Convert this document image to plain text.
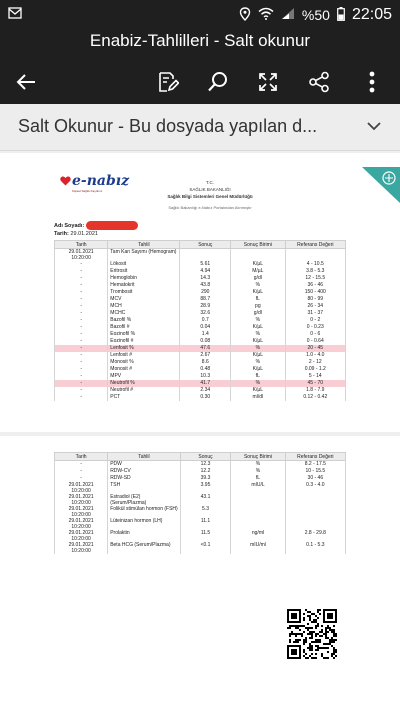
%50 22:05
Enabiz-Tahlilleri - Salt okunur
Salt Okunur - Bu dosyada yapılan d...
e-nabız
Kişisel Sağlık Kaydınız
T.C.
SAĞLIK BAKANLIĞI
Sağlık Bilgi Sistemleri Genel Müdürlüğü
Sağlık Bakanlığı e-Nabız Portalından Alınmıştır
Adı Soyadı:
Tarih: 29.01.2021
Tarih	Tahlil	Sonuç	Sonuç Birimi	Referans Değeri

29.01.2021
10:20:00	Tam Kan Sayımı (Hemogram)			

-	Lökosit	5.61	K/µL	4 - 10.5

-	Eritrosit	4.94	M/µL	3.8 - 5.3

-	Hemoglobin	14.3	g/dl	12 - 15.5

-	Hematokrit	43.8	%	36 - 46

-	Trombosit	290	K/µL	150 - 400

-	MCV	88.7	fL	80 - 99

-	MCH	28.9	pg	26 - 34

-	MCHC	32.6	g/dl	31 - 37

-	Bazofil %	0.7	%	0 - 2

-	Bazofil #	0.04	K/µL	0 - 0.23

-	Eozinofil %	1.4	%	0 - 6

-	Eozinofil #	0.08	K/µL	0 - 0.64

-	Lenfosit %	47.6	%	20 - 45

-	Lenfosit #	2.67	K/µL	1.0 - 4.0

-	Monosit %	8.6	%	2 - 12

-	Monosit #	0.48	K/µL	0.09 - 1.2

-	MPV	10.3	fL	5 - 14

-	Neutrofil %	41.7	%	45 - 70

-	Neutrofil #	2.34	K/µL	1.8 - 7.9

-	PCT	0.30	ml/dl	0.12 - 0.42
Tarih	Tahlil	Sonuç	Sonuç Birimi	Referans Değeri

-	PDW	12.3	%	8.2 - 17.5

-	RDW-CV	12.2	%	10 - 15.5

-	RDW-SD	39.3	fL	30 - 46

29.01.2021
10:20:00	TSH	3.95	mIU/L	0.3 - 4.0

29.01.2021
10:20:00	Estradiol (E2) (Serum/Plazma)	43.1		

29.01.2021
10:20:00	Folikül stimülan hormon (FSH)	5.3		

29.01.2021
10:20:00	Lüteinizan hormon (LH)	11.1		

29.01.2021
10:20:00	Prolaktin	11.5	ng/ml	2.8 - 29.8

29.01.2021
10:20:00	Beta HCG (Serum/Plazma)	<0.1	mIU/ml	0.1 - 5.3
